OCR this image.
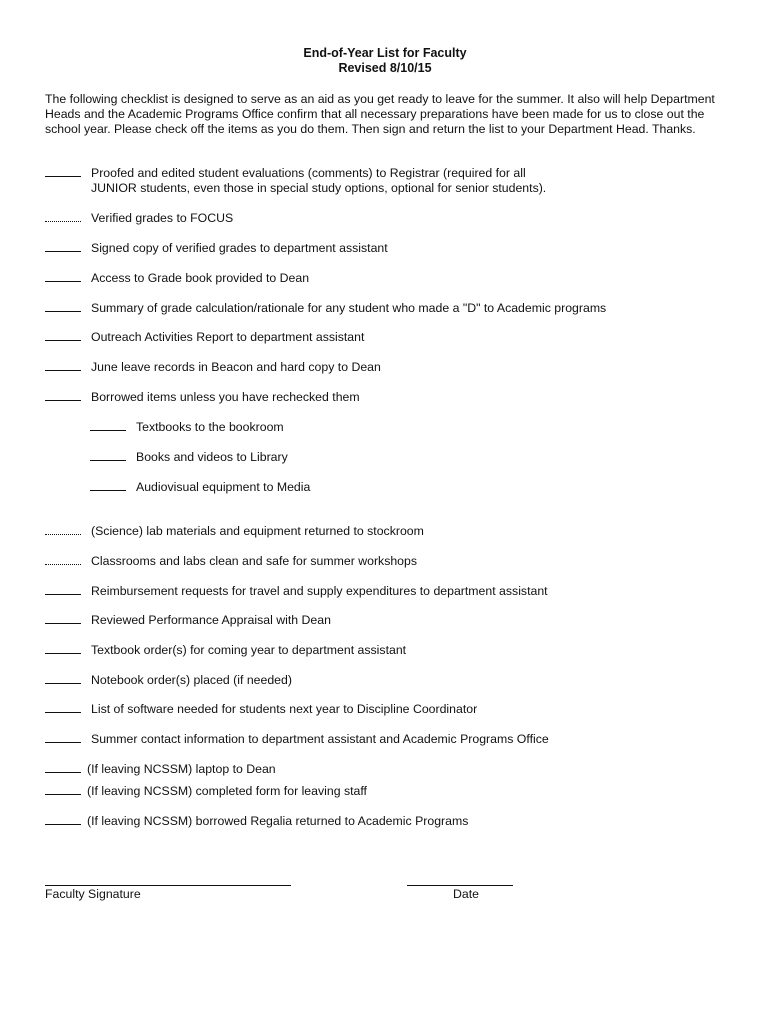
End-of-Year List for Faculty
Revised 8/10/15
The following checklist is designed to serve as an aid as you get ready to leave for the summer. It also will help Department Heads and the Academic Programs Office confirm that all necessary preparations have been made for us to close out the school year. Please check off the items as you do them. Then sign and return the list to your Department Head. Thanks.
Proofed and edited student evaluations (comments) to Registrar (required for all
JUNIOR students, even those in special study options, optional for senior students).
Verified grades to FOCUS
Signed copy of verified grades to department assistant
Access to Grade book provided to Dean
Summary of grade calculation/rationale for any student who made a "D" to Academic programs
Outreach Activities Report to department assistant
June leave records in Beacon and hard copy to Dean
Borrowed items unless you have rechecked them
Textbooks to the bookroom
Books and videos to Library
Audiovisual equipment to Media
(Science) lab materials and equipment returned to stockroom
Classrooms and labs clean and safe for summer workshops
Reimbursement requests for travel and supply expenditures to department assistant
Reviewed Performance Appraisal with Dean
Textbook order(s) for coming year to department assistant
Notebook order(s) placed (if needed)
List of software needed for students next year to Discipline Coordinator
Summer contact information to department assistant and Academic Programs Office
(If leaving NCSSM) laptop to Dean
(If leaving NCSSM) completed form for leaving staff
(If leaving NCSSM) borrowed Regalia returned to Academic Programs
Faculty Signature	Date
